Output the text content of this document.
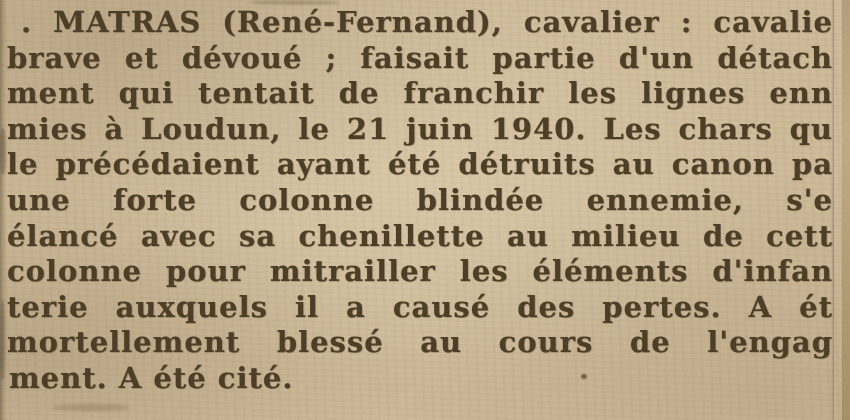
. MATRAS (René-Fernand), cavalier : cavalie
brave et dévoué ; faisait partie d'un détach
ment qui tentait de franchir les lignes enn
mies à Loudun, le 21 juin 1940. Les chars qu
le précédaient ayant été détruits au canon pa
une forte colonne blindée ennemie, s'e
élancé avec sa chenillette au milieu de cett
colonne pour mitrailler les éléments d'infan
terie auxquels il a causé des pertes. A ét
mortellement blessé au cours de l'engag
ment. A été cité.
